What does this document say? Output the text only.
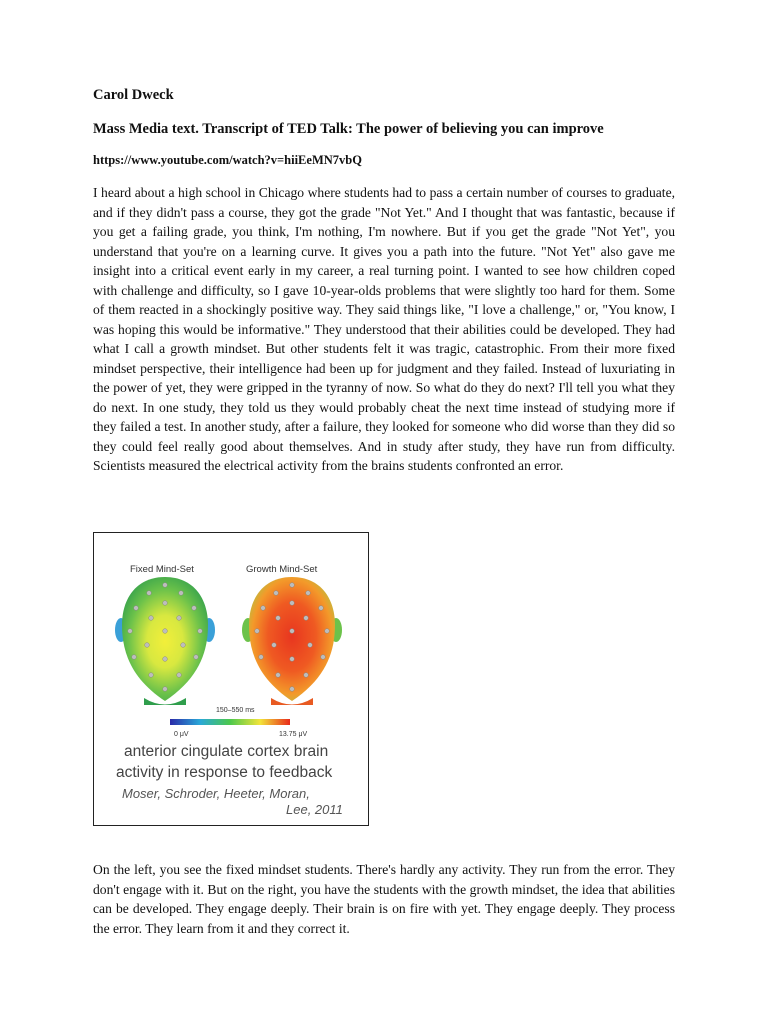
Carol Dweck
Mass Media text. Transcript of TED Talk: The power of believing you can improve
https://www.youtube.com/watch?v=hiiEeMN7vbQ

I heard about a high school in Chicago where students had to pass a certain number of courses to graduate, and if they didn't pass a course, they got the grade "Not Yet." And I thought that was fantastic, because if you get a failing grade, you think, I'm nothing, I'm nowhere. But if you get the grade "Not Yet", you understand that you're on a learning curve. It gives you a path into the future. "Not Yet" also gave me insight into a critical event early in my career, a real turning point. I wanted to see how children coped with challenge and difficulty, so I gave 10-year-olds problems that were slightly too hard for them. Some of them reacted in a shockingly positive way. They said things like, "I love a challenge," or, "You know, I was hoping this would be informative." They understood that their abilities could be developed. They had what I call a growth mindset. But other students felt it was tragic, catastrophic. From their more fixed mindset perspective, their intelligence had been up for judgment and they failed. Instead of luxuriating in the power of yet, they were gripped in the tyranny of now. So what do they do next? I'll tell you what they do next. In one study, they told us they would probably cheat the next time instead of studying more if they failed a test. In another study, after a failure, they looked for someone who did worse than they did so they could feel really good about themselves. And in study after study, they have run from difficulty. Scientists measured the electrical activity from the brains students confronted an error.

Fixed Mind-Set	Growth Mind-Set
150–550 ms
0 μV	13.75 μV
anterior cingulate cortex brain
activity in response to feedback
Moser, Schroder, Heeter, Moran,
Lee, 2011

On the left, you see the fixed mindset students. There's hardly any activity. They run from the error. They don't engage with it. But on the right, you have the students with the growth mindset, the idea that abilities can be developed. They engage deeply. Their brain is on fire with yet. They engage deeply. They process the error. They learn from it and they correct it.
